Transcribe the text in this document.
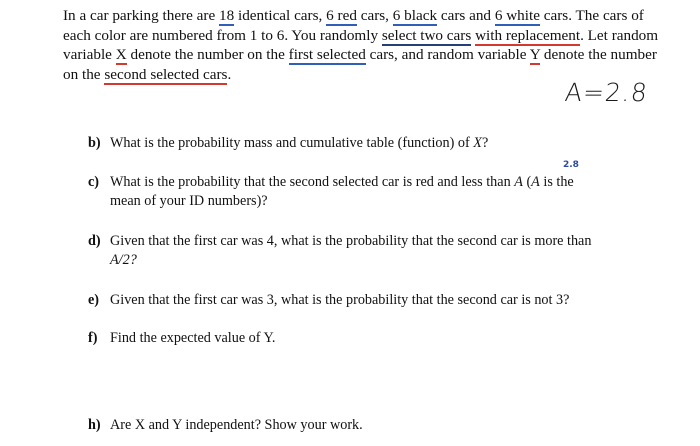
In a car parking there are 18 identical cars, 6 red cars, 6 black cars and 6 white cars. The cars of each color are numbered from 1 to 6. You randomly select two cars with replacement. Let random variable X denote the number on the first selected cars, and random variable Y denote the number on the second selected cars.
A=2.8
2.8
b) What is the probability mass and cumulative table (function) of X?
c) What is the probability that the second selected car is red and less than A (A is the
mean of your ID numbers)?
d) Given that the first car was 4, what is the probability that the second car is more than
A/2?
e) Given that the first car was 3, what is the probability that the second car is not 3?
f) Find the expected value of Y.
h) Are X and Y independent? Show your work.
